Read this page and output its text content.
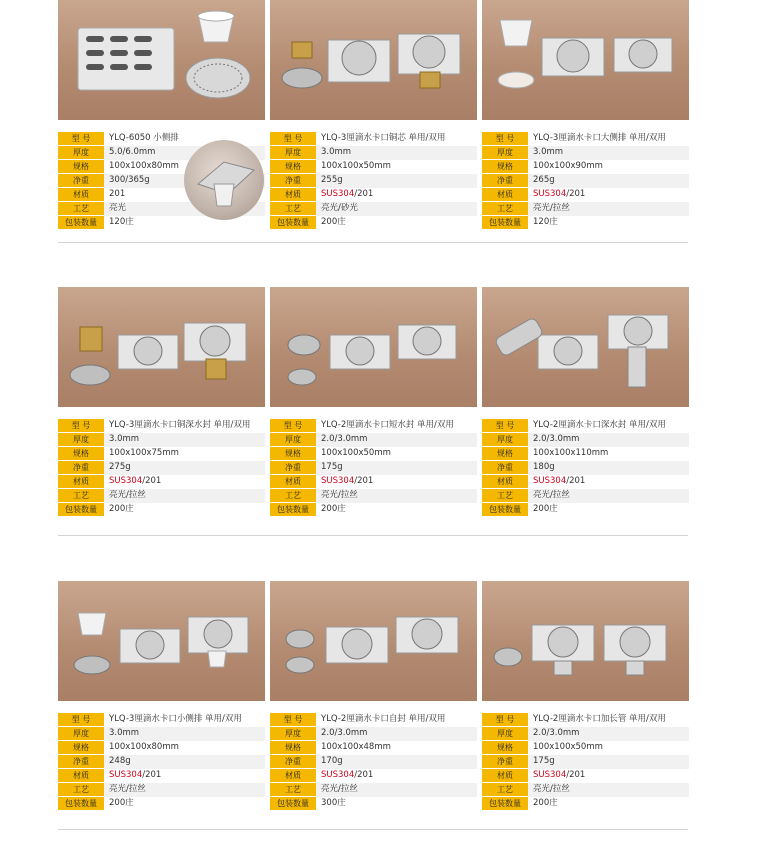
型 号	YLQ-6050 小侧排
厚度	5.0/6.0mm
规格	100x100x80mm
净重	300/365g
材质	201
工艺	亮光
包装数量	120庄
型 号	YLQ-3厘滴水卡口铜芯 单用/双用
厚度	3.0mm
规格	100x100x50mm
净重	255g
材质	SUS304/201
工艺	亮光/砂光
包装数量	200庄
型 号	YLQ-3厘滴水卡口大侧排 单用/双用
厚度	3.0mm
规格	100x100x90mm
净重	265g
材质	SUS304/201
工艺	亮光/拉丝
包装数量	120庄
型 号	YLQ-3厘滴水卡口铜深水封 单用/双用
厚度	3.0mm
规格	100x100x75mm
净重	275g
材质	SUS304/201
工艺	亮光/拉丝
包装数量	200庄
型 号	YLQ-2厘滴水卡口短水封 单用/双用
厚度	2.0/3.0mm
规格	100x100x50mm
净重	175g
材质	SUS304/201
工艺	亮光/拉丝
包装数量	200庄
型 号	YLQ-2厘滴水卡口深水封 单用/双用
厚度	2.0/3.0mm
规格	100x100x110mm
净重	180g
材质	SUS304/201
工艺	亮光/拉丝
包装数量	200庄
型 号	YLQ-3厘滴水卡口小侧排 单用/双用
厚度	3.0mm
规格	100x100x80mm
净重	248g
材质	SUS304/201
工艺	亮光/拉丝
包装数量	200庄
型 号	YLQ-2厘滴水卡口自封 单用/双用
厚度	2.0/3.0mm
规格	100x100x48mm
净重	170g
材质	SUS304/201
工艺	亮光/拉丝
包装数量	300庄
型 号	YLQ-2厘滴水卡口加长管 单用/双用
厚度	2.0/3.0mm
规格	100x100x50mm
净重	175g
材质	SUS304/201
工艺	亮光/拉丝
包装数量	200庄
